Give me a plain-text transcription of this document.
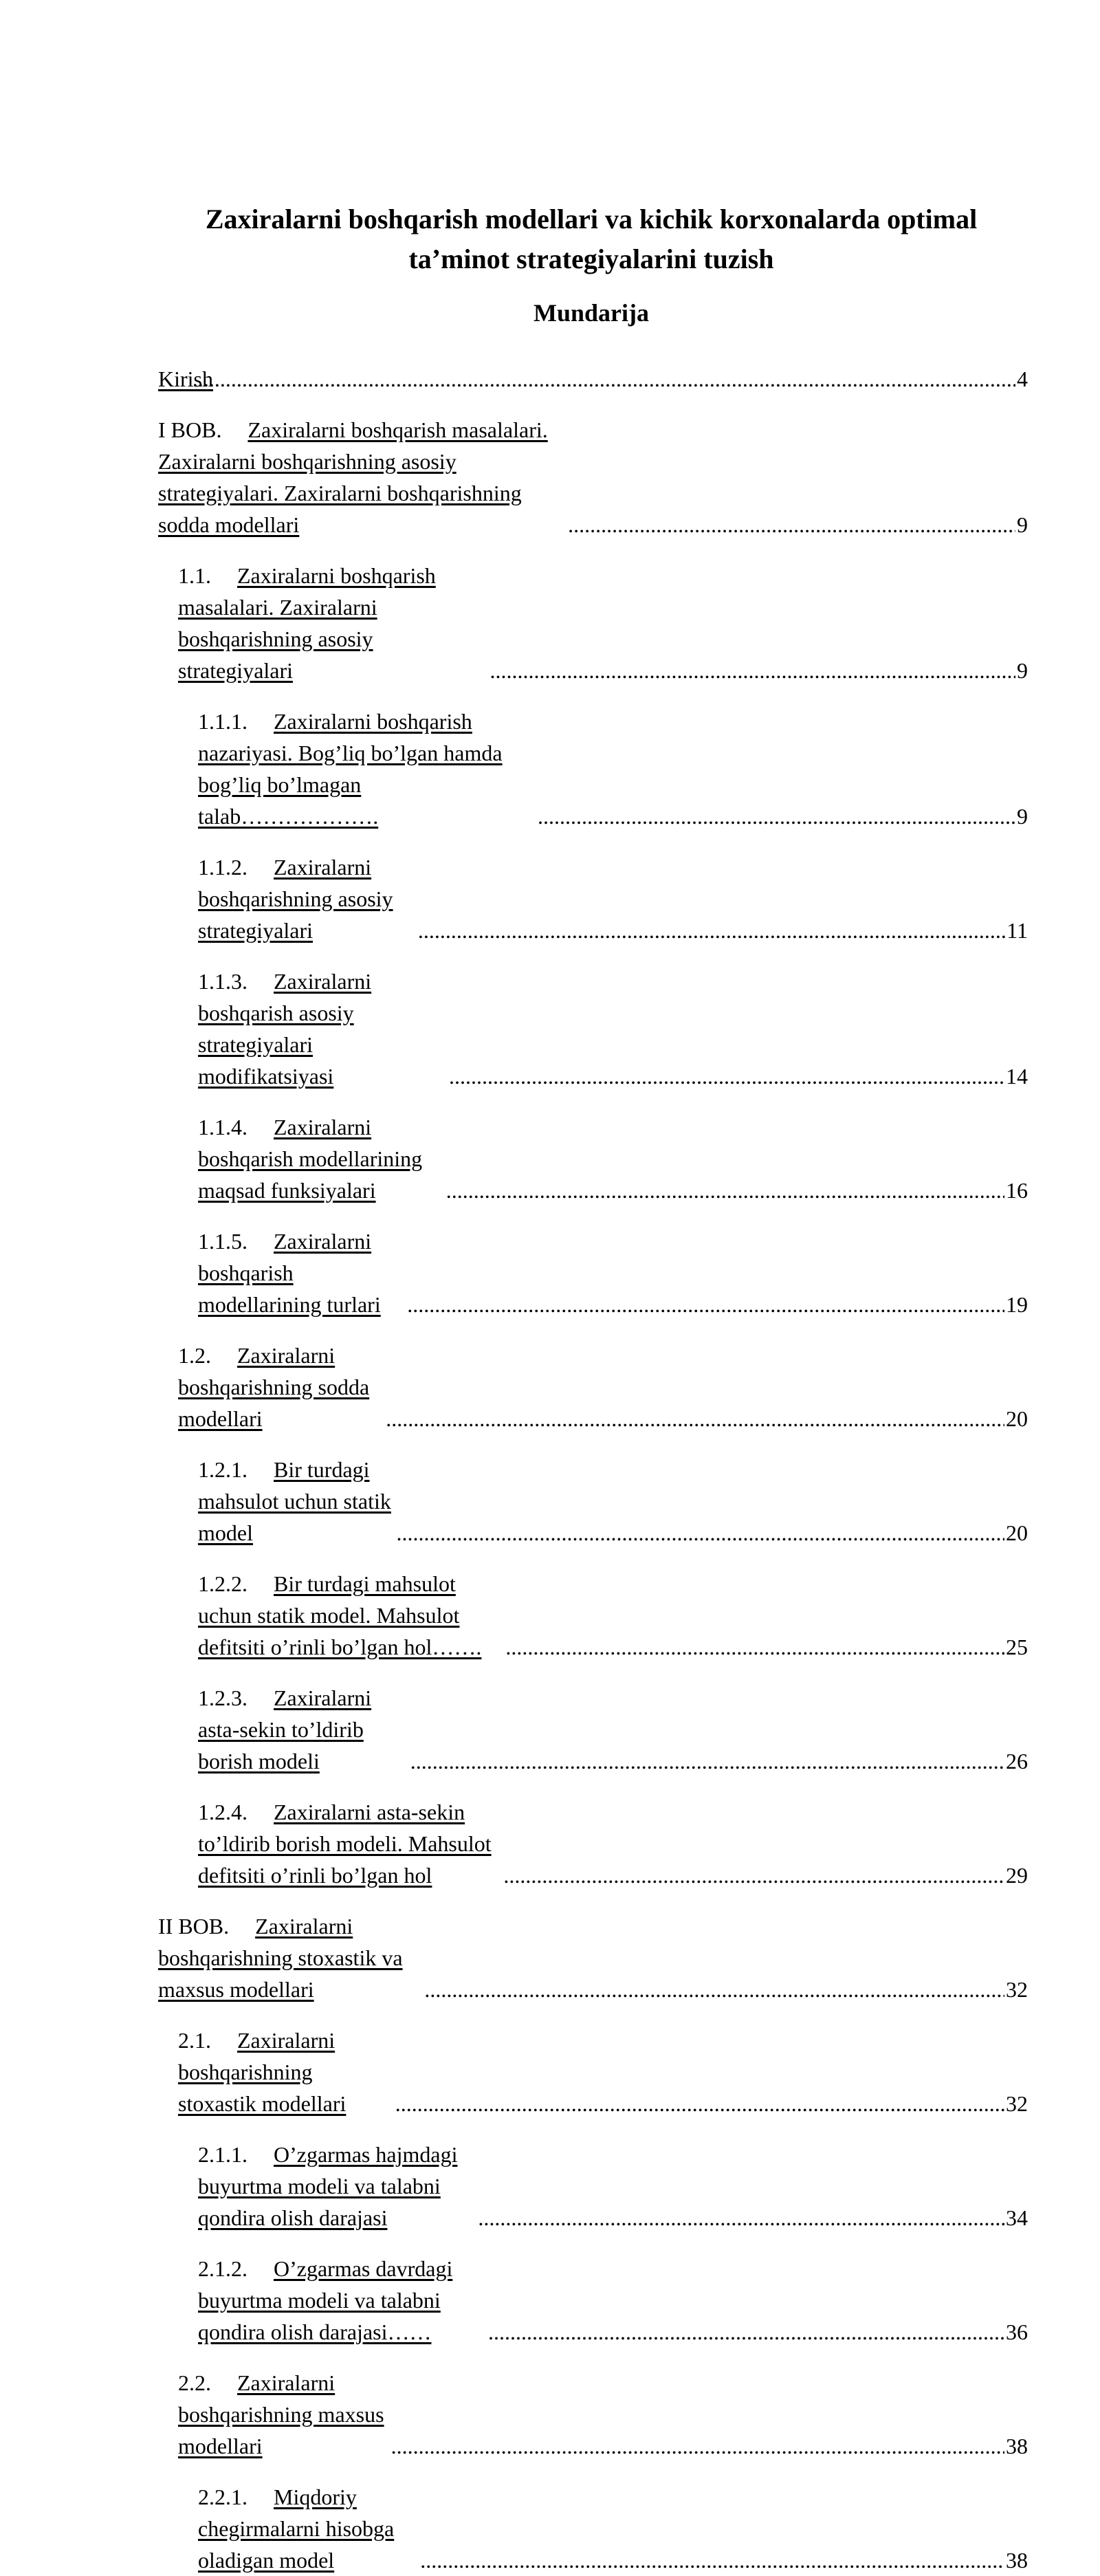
Zaxiralarni boshqarish modellari va kichik korxonalarda optimal
ta’minot strategiyalarini tuzish
Mundarija
Kirish .....	4
I BOB. Zaxiralarni boshqarish masalalari. Zaxiralarni boshqarishning asosiy strategiyalari. Zaxiralarni boshqarishning sodda modellari .....	9
1.1. Zaxiralarni boshqarish masalalari. Zaxiralarni boshqarishning asosiy strategiyalari .....	9
1.1.1. Zaxiralarni boshqarish nazariyasi. Bog’liq bo’lgan hamda bog’liq bo’lmagan talab………………. .....	9
1.1.2. Zaxiralarni boshqarishning asosiy strategiyalari .....	11
1.1.3. Zaxiralarni boshqarish asosiy strategiyalari modifikatsiyasi .....	14
1.1.4. Zaxiralarni boshqarish modellarining maqsad funksiyalari .....	16
1.1.5. Zaxiralarni boshqarish modellarining turlari .....	19
1.2. Zaxiralarni boshqarishning sodda modellari .....	20
1.2.1. Bir turdagi mahsulot uchun statik model .....	20
1.2.2. Bir turdagi mahsulot uchun statik model. Mahsulot defitsiti o’rinli bo’lgan hol……. .....	25
1.2.3. Zaxiralarni asta-sekin to’ldirib borish modeli .....	26
1.2.4. Zaxiralarni asta-sekin to’ldirib borish modeli. Mahsulot defitsiti o’rinli bo’lgan hol .....	29
II BOB. Zaxiralarni boshqarishning stoxastik va maxsus modellari .....	32
2.1. Zaxiralarni boshqarishning stoxastik modellari .....	32
2.1.1. O’zgarmas hajmdagi buyurtma modeli va talabni qondira olish darajasi .....	34
2.1.2. O’zgarmas davrdagi buyurtma modeli va talabni qondira olish darajasi…… .....	36
2.2. Zaxiralarni boshqarishning maxsus modellari .....	38
2.2.1. Miqdoriy chegirmalarni hisobga oladigan model .....	38
